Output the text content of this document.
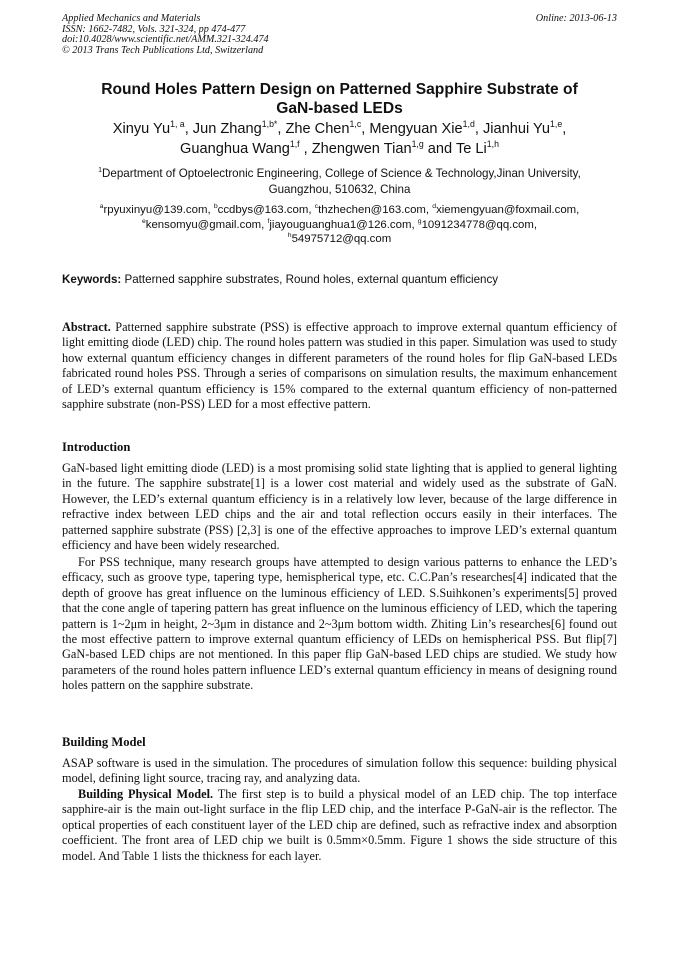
Applied Mechanics and Materials
ISSN: 1662-7482, Vols. 321-324, pp 474-477
doi:10.4028/www.scientific.net/AMM.321-324.474
© 2013 Trans Tech Publications Ltd, Switzerland
Online: 2013-06-13
Round Holes Pattern Design on Patterned Sapphire Substrate of
GaN-based LEDs
Xinyu Yu$^{1, a}$, Jun Zhang$^{1,b*}$, Zhe Chen$^{1,c}$, Mengyuan Xie$^{1,d}$, Jianhui Yu$^{1,e}$,
Guanghua Wang$^{1,f}$ , Zhengwen Tian$^{1,g}$ and Te Li$^{1,h}$
$^1$Department of Optoelectronic Engineering, College of Science & Technology,Jinan University,
Guangzhou, 510632, China
$^a$rpyuxinyu@139.com, $^b$ccdbys@163.com, $^c$thzhechen@163.com, $^d$xiemengyuan@foxmail.com,
$^e$kensomyu@gmail.com, $^f$jiayouguanghua1@126.com, $^g$1091234778@qq.com,
$^h$54975712@qq.com
Keywords: Patterned sapphire substrates, Round holes, external quantum efficiency

Abstract. Patterned sapphire substrate (PSS) is effective approach to improve external quantum efficiency of light emitting diode (LED) chip. The round holes pattern was studied in this paper. Simulation was used to study how external quantum efficiency changes in different parameters of the round holes for flip GaN-based LEDs fabricated round holes PSS. Through a series of comparisons on simulation results, the maximum enhancement of LED’s external quantum efficiency is 15% compared to the external quantum efficiency of non-patterned sapphire substrate (non-PSS) LED for a most effective pattern.

Introduction

GaN-based light emitting diode (LED) is a most promising solid state lighting that is applied to general lighting in the future. The sapphire substrate[1] is a lower cost material and widely used as the substrate of GaN. However, the LED’s external quantum efficiency is in a relatively low lever, because of the large difference in refractive index between LED chips and the air and total reflection occurs easily in their interfaces. The patterned sapphire substrate (PSS) [2,3] is one of the effective approaches to improve LED’s external quantum efficiency and have been widely researched.

For PSS technique, many research groups have attempted to design various patterns to enhance the LED’s efficacy, such as groove type, tapering type, hemispherical type, etc. C.C.Pan’s researches[4] indicated that the depth of groove has great influence on the luminous efficiency of LED. S.Suihkonen’s experiments[5] proved that the cone angle of tapering pattern has great influence on the luminous efficiency of LED, which the tapering pattern is 1~2μm in height, 2~3μm in distance and 2~3μm bottom width. Zhiting Lin’s researches[6] found out the most effective pattern to improve external quantum efficiency of LEDs on hemispherical PSS. But flip[7] GaN-based LED chips are not mentioned. In this paper flip GaN-based LED chips are studied. We study how parameters of the round holes pattern influence LED’s external quantum efficiency in means of designing round holes pattern on the sapphire substrate.

Building Model

ASAP software is used in the simulation. The procedures of simulation follow this sequence: building physical model, defining light source, tracing ray, and analyzing data.

Building Physical Model. The first step is to build a physical model of an LED chip. The top interface sapphire-air is the main out-light surface in the flip LED chip, and the interface P-GaN-air is the reflector. The optical properties of each constituent layer of the LED chip are defined, such as refractive index and absorption coefficient. The front area of LED chip we built is 0.5mm×0.5mm. Figure 1 shows the side structure of this model. And Table 1 lists the thickness for each layer.
